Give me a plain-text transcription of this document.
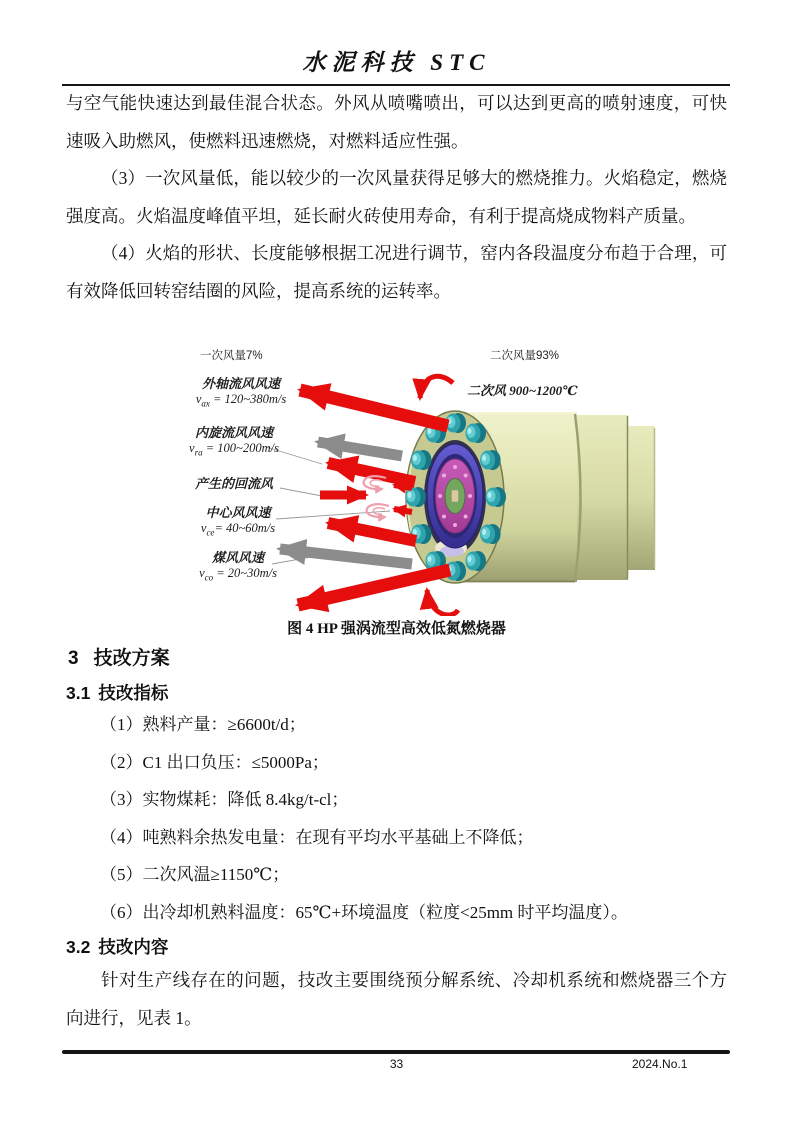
水泥科技 STC

与空气能快速达到最佳混合状态。外风从喷嘴喷出，可以达到更高的喷射速度，可快速吸入助燃风，使燃料迅速燃烧，对燃料适应性强。

（3）一次风量低，能以较少的一次风量获得足够大的燃烧推力。火焰稳定，燃烧强度高。火焰温度峰值平坦，延长耐火砖使用寿命，有利于提高烧成物料产质量。

（4）火焰的形状、长度能够根据工况进行调节，窑内各段温度分布趋于合理，可有效降低回转窑结圈的风险，提高系统的运转率。

一次风量7%	二次风量93%
二次风 900~1200℃
外轴流风风速
$v_{ax}$ = 120~380m/s
内旋流风风速
$v_{ra}$ = 100~200m/s
产生的回流风
中心风风速
$v_{ce}=$ 40~60m/s
煤风风速
$v_{co}$ = 20~30m/s
图 4 HP 强涡流型高效低氮燃烧器
3 技改方案
3.1 技改指标
（1）熟料产量：≥6600t/d；
（2）C1 出口负压：≤5000Pa；
（3）实物煤耗：降低 8.4kg/t-cl；
（4）吨熟料余热发电量：在现有平均水平基础上不降低；
（5）二次风温≥1150℃；
（6）出冷却机熟料温度：65℃+环境温度（粒度<25mm 时平均温度）。
3.2 技改内容

针对生产线存在的问题，技改主要围绕预分解系统、冷却机系统和燃烧器三个方向进行，见表 1。

33	2024.No.1
